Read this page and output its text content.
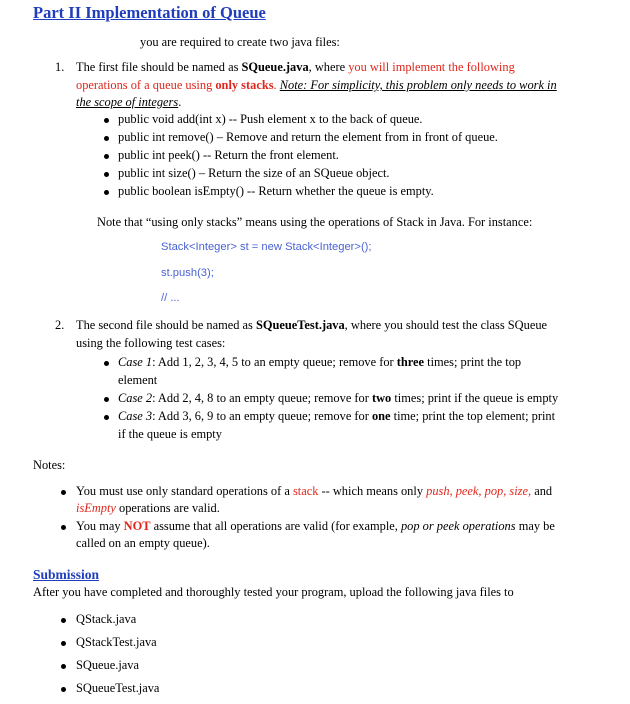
Part II Implementation of Queue
you are required to create two java files:
1. The first file should be named as SQueue.java, where you will implement the following
operations of a queue using only stacks. Note: For simplicity, this problem only needs to work in
the scope of integers.
public void add(int x) -- Push element x to the back of queue.
public int remove() – Remove and return the element from in front of queue.
public int peek() -- Return the front element.
public int size() – Return the size of an SQueue object.
public boolean isEmpty() -- Return whether the queue is empty.
Note that “using only stacks” means using the operations of Stack in Java. For instance:
Stack<Integer> st = new Stack<Integer>();
st.push(3);
// ...
2. The second file should be named as SQueueTest.java, where you should test the class SQueue
using the following test cases:
Case 1: Add 1, 2, 3, 4, 5 to an empty queue; remove for three times; print the top
element
Case 2: Add 2, 4, 8 to an empty queue; remove for two times; print if the queue is empty
Case 3: Add 3, 6, 9 to an empty queue; remove for one time; print the top element; print
if the queue is empty
Notes:
You must use only standard operations of a stack -- which means only push, peek, pop, size, and
isEmpty operations are valid.
You may NOT assume that all operations are valid (for example, pop or peek operations may be
called on an empty queue).
Submission
After you have completed and thoroughly tested your program, upload the following java files to
QStack.java
QStackTest.java
SQueue.java
SQueueTest.java
